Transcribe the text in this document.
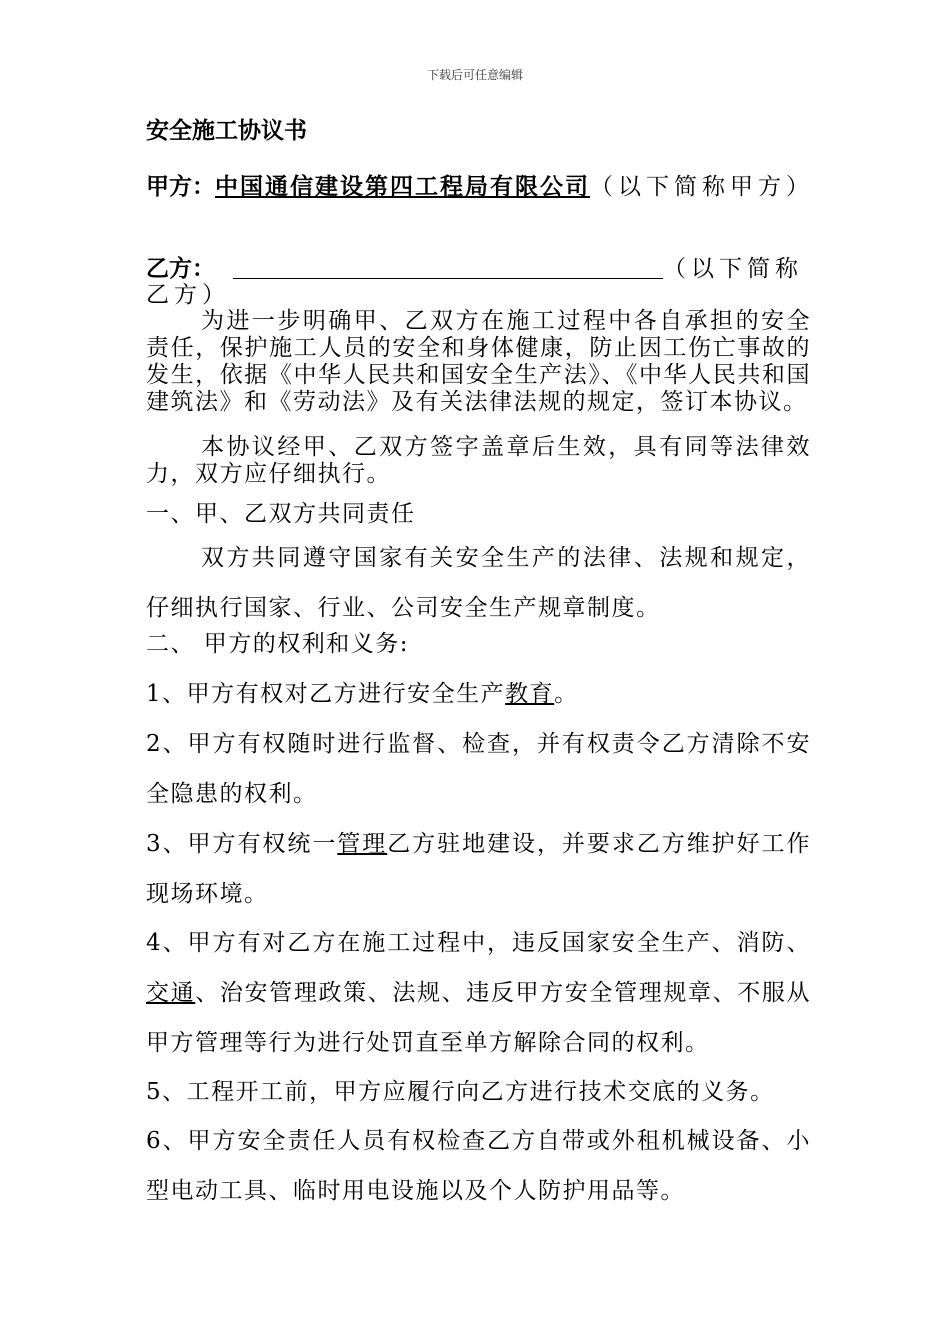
下载后可任意编辑
安全施工协议书
甲方：中国通信建设第四工程局有限公司（以下简称甲方）
乙方：	（以下简称乙方）
为进一步明确甲、乙双方在施工过程中各自承担的安全责任，保护施工人员的安全和身体健康，防止因工伤亡事故的发生，依据《中华人民共和国安全生产法》、《中华人民共和国建筑法》和《劳动法》及有关法律法规的规定，签订本协议。
本协议经甲、乙双方签字盖章后生效，具有同等法律效力，双方应仔细执行。
一、甲、乙双方共同责任
双方共同遵守国家有关安全生产的法律、法规和规定，仔细执行国家、行业、公司安全生产规章制度。
二、 甲方的权利和义务:
1、甲方有权对乙方进行安全生产教育。
2、甲方有权随时进行监督、检查，并有权责令乙方清除不安全隐患的权利。
3、甲方有权统一管理乙方驻地建设，并要求乙方维护好工作现场环境。
4、甲方有对乙方在施工过程中，违反国家安全生产、消防、交通、治安管理政策、法规、违反甲方安全管理规章、不服从甲方管理等行为进行处罚直至单方解除合同的权利。
5、工程开工前，甲方应履行向乙方进行技术交底的义务。
6、甲方安全责任人员有权检查乙方自带或外租机械设备、小型电动工具、临时用电设施以及个人防护用品等。
